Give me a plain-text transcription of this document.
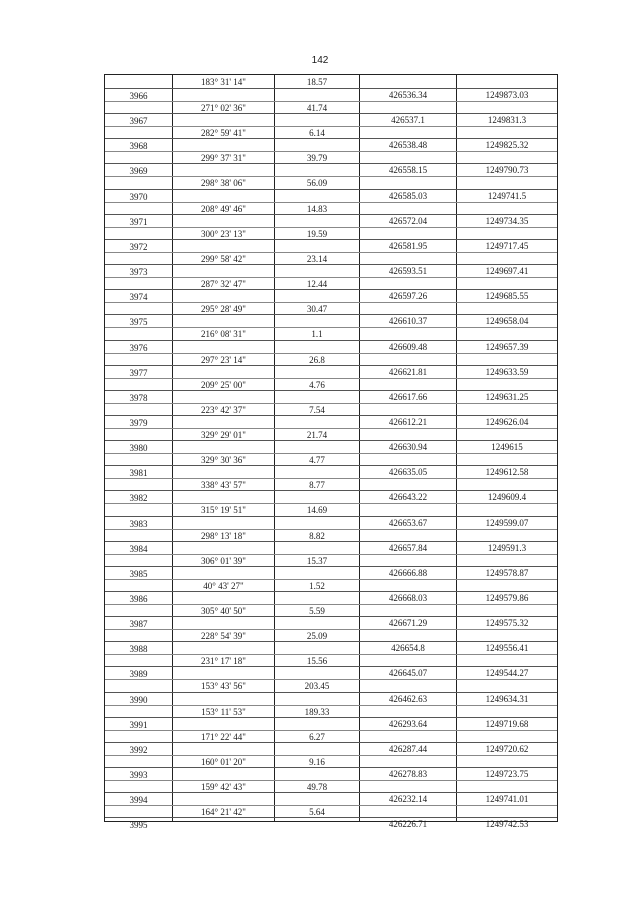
142
183° 31' 14"	18.57
3966	426536.34	1249873.03
271° 02' 36"	41.74
3967	426537.1	1249831.3
282° 59' 41"	6.14
3968	426538.48	1249825.32
299° 37' 31"	39.79
3969	426558.15	1249790.73
298° 38' 06"	56.09
3970	426585.03	1249741.5
208° 49' 46"	14.83
3971	426572.04	1249734.35
300° 23' 13"	19.59
3972	426581.95	1249717.45
299° 58' 42"	23.14
3973	426593.51	1249697.41
287° 32' 47"	12.44
3974	426597.26	1249685.55
295° 28' 49"	30.47
3975	426610.37	1249658.04
216° 08' 31"	1.1
3976	426609.48	1249657.39
297° 23' 14"	26.8
3977	426621.81	1249633.59
209° 25' 00"	4.76
3978	426617.66	1249631.25
223° 42' 37"	7.54
3979	426612.21	1249626.04
329° 29' 01"	21.74
3980	426630.94	1249615
329° 30' 36"	4.77
3981	426635.05	1249612.58
338° 43' 57"	8.77
3982	426643.22	1249609.4
315° 19' 51"	14.69
3983	426653.67	1249599.07
298° 13' 18"	8.82
3984	426657.84	1249591.3
306° 01' 39"	15.37
3985	426666.88	1249578.87
40° 43' 27"	1.52
3986	426668.03	1249579.86
305° 40' 50"	5.59
3987	426671.29	1249575.32
228° 54' 39"	25.09
3988	426654.8	1249556.41
231° 17' 18"	15.56
3989	426645.07	1249544.27
153° 43' 56"	203.45
3990	426462.63	1249634.31
153° 11' 53"	189.33
3991	426293.64	1249719.68
171° 22' 44"	6.27
3992	426287.44	1249720.62
160° 01' 20"	9.16
3993	426278.83	1249723.75
159° 42' 43"	49.78
3994	426232.14	1249741.01
164° 21' 42"	5.64
3995	426226.71	1249742.53
